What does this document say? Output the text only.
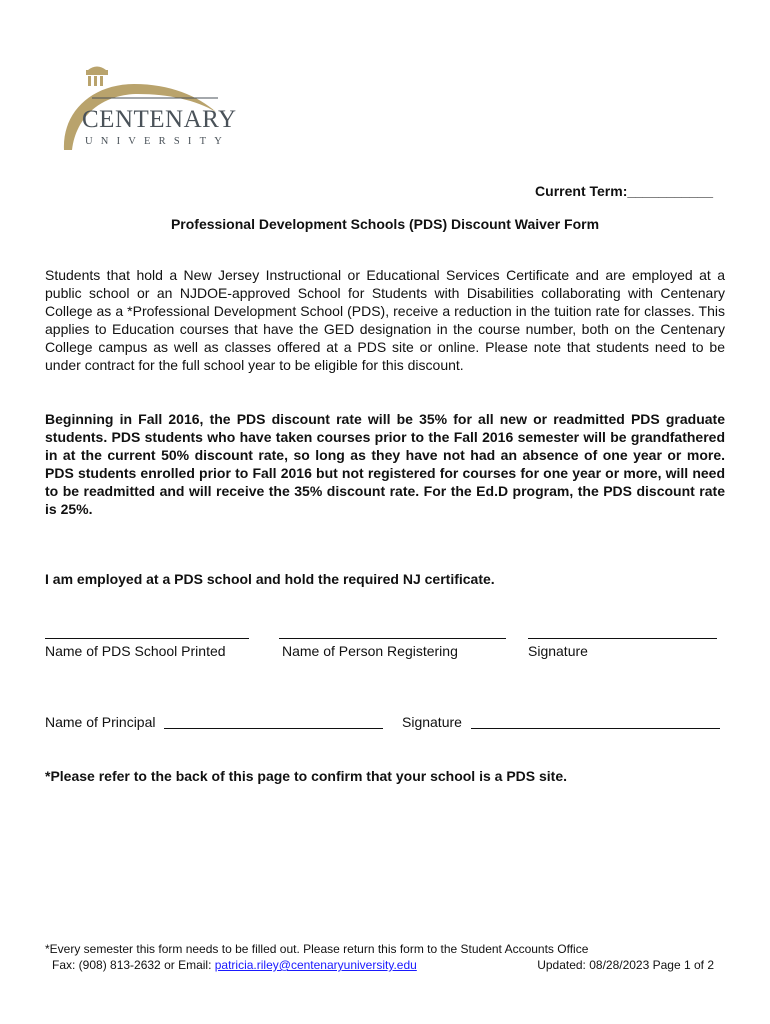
CENTENARY
UNIVERSITY
Current Term:___________
Professional Development Schools (PDS) Discount Waiver Form

Students that hold a New Jersey Instructional or Educational Services Certificate and are employed at a public school or an NJDOE-approved School for Students with Disabilities collaborating with Centenary College as a *Professional Development School (PDS), receive a reduction in the tuition rate for classes. This applies to Education courses that have the GED designation in the course number, both on the Centenary College campus as well as classes offered at a PDS site or online. Please note that students need to be under contract for the full school year to be eligible for this discount.

Beginning in Fall 2016, the PDS discount rate will be 35% for all new or readmitted PDS graduate students. PDS students who have taken courses prior to the Fall 2016 semester will be grandfathered in at the current 50% discount rate, so long as they have not had an absence of one year or more. PDS students enrolled prior to Fall 2016 but not registered for courses for one year or more, will need to be readmitted and will receive the 35% discount rate. For the Ed.D program, the PDS discount rate is 25%.

I am employed at a PDS school and hold the required NJ certificate.
Name of PDS School Printed	Name of Person Registering	Signature
Name of Principal	Signature
*Please refer to the back of this page to confirm that your school is a PDS site.
*Every semester this form needs to be filled out. Please return this form to the Student Accounts Office
Fax: (908) 813-2632 or Email: patricia.riley@centenaryuniversity.edu	Updated: 08/28/2023 Page 1 of 2
